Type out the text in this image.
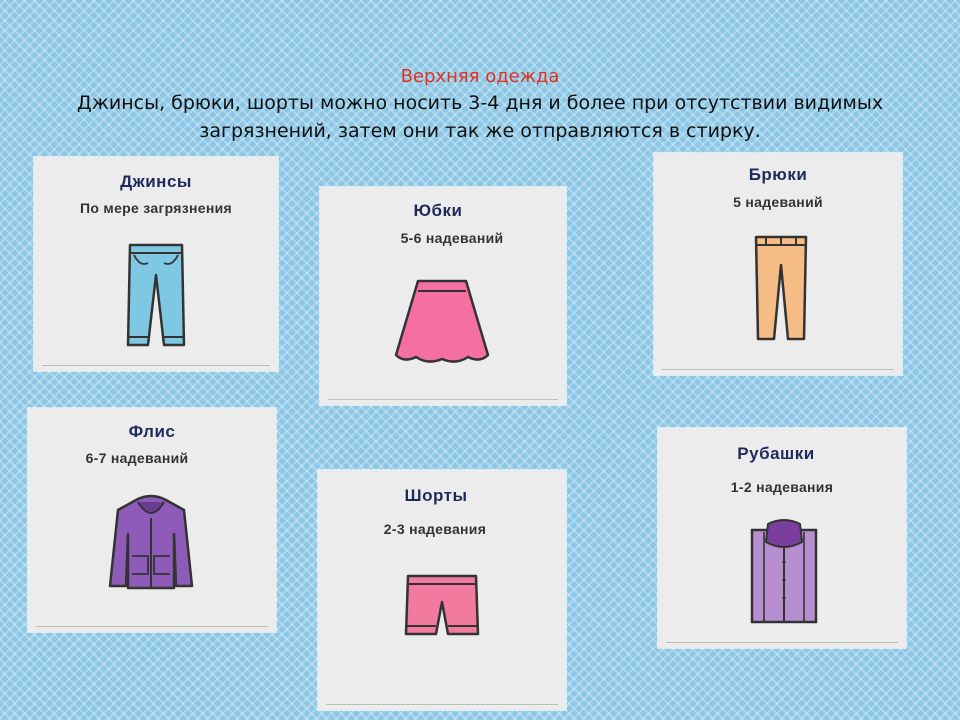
Верхняя одежда
Джинсы, брюки, шорты можно носить 3-4 дня и более при отсутствии видимых
загрязнений, затем они так же отправляются в стирку.
Джинсы
По мере загрязнения	Юбки
5-6 надеваний
Брюки
5 надеваний
Флис
6-7 надеваний
Шорты
2-3 надевания
Рубашки
1-2 надевания
